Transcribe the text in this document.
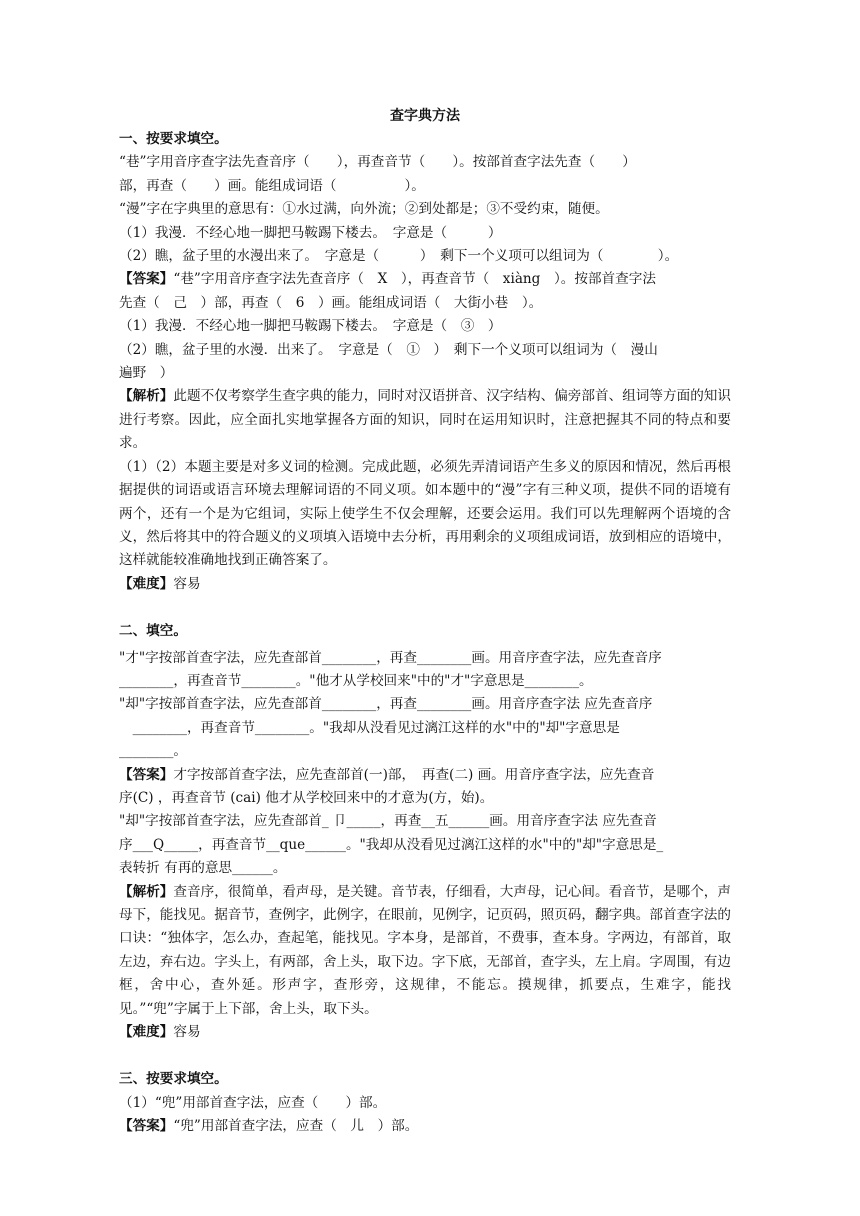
查字典方法
一、按要求填空。
“巷”字用音序查字法先查音序（　　），再查音节（　　）。按部首查字法先查（　　）
部，再查（　　）画。能组成词语（　　　　　）。
“漫”字在字典里的意思有：①水过满，向外流；②到处都是；③不受约束，随便。
（1）我漫．不经心地一脚把马鞍踢下楼去。　字意是（　　　）
（2）瞧，盆子里的水漫出来了。　字意是（　　　）　剩下一个义项可以组词为（　　　　）。
【答案】“巷”字用音序查字法先查音序（　X　），再查音节（　xiàng　）。按部首查字法
先查（　己　）部，再查（　6　）画。能组成词语（　大街小巷　）。
（1）我漫．不经心地一脚把马鞍踢下楼去。　字意是（　③　）
（2）瞧，盆子里的水漫．出来了。　字意是（　①　）　剩下一个义项可以组词为（　漫山
遍野　）
【解析】此题不仅考察学生查字典的能力，同时对汉语拼音、汉字结构、偏旁部首、组词等方面的知识进行考察。因此，应全面扎实地掌握各方面的知识，同时在运用知识时，注意把握其不同的特点和要求。
（1）（2）本题主要是对多义词的检测。完成此题，必须先弄清词语产生多义的原因和情况，然后再根据提供的词语或语言环境去理解词语的不同义项。如本题中的“漫”字有三种义项，提供不同的语境有两个，还有一个是为它组词，实际上使学生不仅会理解，还要会运用。我们可以先理解两个语境的含义，然后将其中的符合题义的义项填入语境中去分析，再用剩余的义项组成词语，放到相应的语境中，这样就能较准确地找到正确答案了。
【难度】容易
二、填空。
"才"字按部首查字法，应先查部首________，再查________画。用音序查字法，应先查音序
________，再查音节________。"他才从学校回来"中的"才"字意思是________。
"却"字按部首查字法，应先查部首________，再查________画。用音序查字法 应先查音序
　________，再查音节________。"我却从没看见过漓江这样的水"中的"却"字意思是
________。
【答案】才字按部首查字法，应先查部首(一)部，　再查(二) 画。用音序查字法，应先查音
序(C) ，再查音节 (cai) 他才从学校回来中的才意为(方，始)。
"却"字按部首查字法，应先查部首_ 卩_____，再查__五______画。用音序查字法 应先查音
序___Q_____，再查音节__que______。"我却从没看见过漓江这样的水"中的"却"字意思是_
表转折 有再的意思______。
【解析】查音序，很简单，看声母，是关键。音节表，仔细看，大声母，记心间。看音节，是哪个，声母下，能找见。据音节，查例字，此例字，在眼前，见例字，记页码，照页码，翻字典。部首查字法的口诀：“独体字，怎么办，查起笔，能找见。字本身，是部首，不费事，查本身。字两边，有部首，取左边，弃右边。字头上，有两部，舍上头，取下边。字下底，无部首，查字头，左上肩。字周围，有边框，舍中心，查外延。形声字，查形旁，这规律，不能忘。摸规律，抓要点，生难字，能找见。”“兜”字属于上下部，舍上头，取下头。
【难度】容易
三、按要求填空。
（1）“兜”用部首查字法，应查（　　）部。
【答案】“兜”用部首查字法，应查（　儿　）部。
